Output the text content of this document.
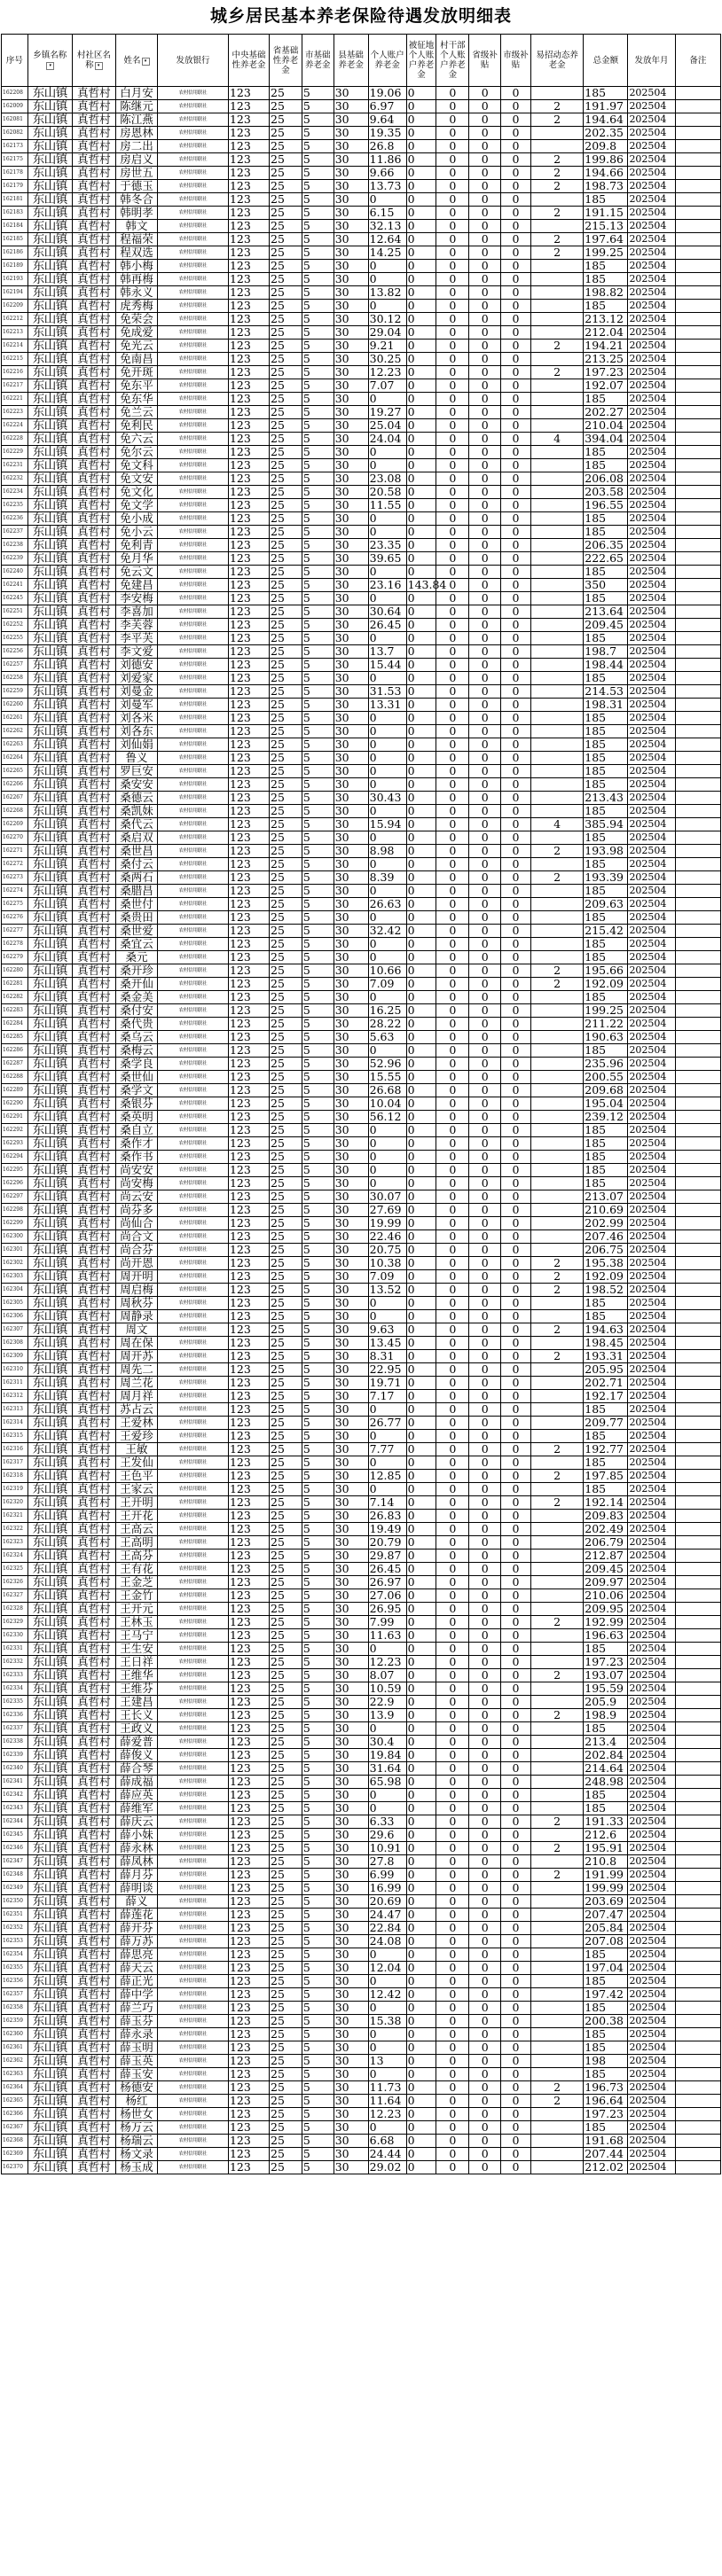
城乡居民基本养老保险待遇发放明细表
序号	乡镇名称▾	村社区名称 ▾	姓名 ▾	发放银行	中央基础性养老金	省基础性养老金	市基础养老金	县基础养老金	个人账户养老金	被征地个人账户养老金	村干部个人账户养老金	省级补贴	市级补贴	易招动态养老金	总金额	发放年月	备注
162208	东山镇	真哲村	白月安	农村信用联社	123	25	5	30	19.06	0	0	0	0		185	202504	
162009	东山镇	真哲村	陈继元	农村信用联社	123	25	5	30	6.97	0	0	0	0	2	191.97	202504	
162081	东山镇	真哲村	陈江燕	农村信用联社	123	25	5	30	9.64	0	0	0	0	2	194.64	202504	
162082	东山镇	真哲村	房恩林	农村信用联社	123	25	5	30	19.35	0	0	0	0		202.35	202504	
162173	东山镇	真哲村	房二出	农村信用联社	123	25	5	30	26.8	0	0	0	0		209.8	202504	
162175	东山镇	真哲村	房启义	农村信用联社	123	25	5	30	11.86	0	0	0	0	2	199.86	202504	
162178	东山镇	真哲村	房世五	农村信用联社	123	25	5	30	9.66	0	0	0	0	2	194.66	202504	
162179	东山镇	真哲村	于德玉	农村信用联社	123	25	5	30	13.73	0	0	0	0	2	198.73	202504	
162181	东山镇	真哲村	韩冬合	农村信用联社	123	25	5	30	0	0	0	0	0		185	202504	
162183	东山镇	真哲村	韩明孝	农村信用联社	123	25	5	30	6.15	0	0	0	0	2	191.15	202504	
162184	东山镇	真哲村	韩文	农村信用联社	123	25	5	30	32.13	0	0	0	0		215.13	202504	
162185	东山镇	真哲村	程福荣	农村信用联社	123	25	5	30	12.64	0	0	0	0	2	197.64	202504	
162186	东山镇	真哲村	程双选	农村信用联社	123	25	5	30	14.25	0	0	0	0	2	199.25	202504	
162189	东山镇	真哲村	韩小梅	农村信用联社	123	25	5	30	0	0	0	0	0		185	202504	
162193	东山镇	真哲村	韩再梅	农村信用联社	123	25	5	30	0	0	0	0	0		185	202504	
162194	东山镇	真哲村	韩永义	农村信用联社	123	25	5	30	13.82	0	0	0	0		198.82	202504	
162209	东山镇	真哲村	虎秀梅	农村信用联社	123	25	5	30	0	0	0	0	0		185	202504	
162212	东山镇	真哲村	免荣会	农村信用联社	123	25	5	30	30.12	0	0	0	0		213.12	202504	
162213	东山镇	真哲村	免成爱	农村信用联社	123	25	5	30	29.04	0	0	0	0		212.04	202504	
162214	东山镇	真哲村	免光云	农村信用联社	123	25	5	30	9.21	0	0	0	0	2	194.21	202504	
162215	东山镇	真哲村	免南昌	农村信用联社	123	25	5	30	30.25	0	0	0	0		213.25	202504	
162216	东山镇	真哲村	免开斑	农村信用联社	123	25	5	30	12.23	0	0	0	0	2	197.23	202504	
162217	东山镇	真哲村	免东平	农村信用联社	123	25	5	30	7.07	0	0	0	0		192.07	202504	
162221	东山镇	真哲村	免东华	农村信用联社	123	25	5	30	0	0	0	0	0		185	202504	
162223	东山镇	真哲村	免兰云	农村信用联社	123	25	5	30	19.27	0	0	0	0		202.27	202504	
162224	东山镇	真哲村	免利民	农村信用联社	123	25	5	30	25.04	0	0	0	0		210.04	202504	
162228	东山镇	真哲村	免六云	农村信用联社	123	25	5	30	24.04	0	0	0	0	4	394.04	202504	
162229	东山镇	真哲村	免尔云	农村信用联社	123	25	5	30	0	0	0	0	0		185	202504	
162231	东山镇	真哲村	免文科	农村信用联社	123	25	5	30	0	0	0	0	0		185	202504	
162232	东山镇	真哲村	免文安	农村信用联社	123	25	5	30	23.08	0	0	0	0		206.08	202504	
162234	东山镇	真哲村	免文化	农村信用联社	123	25	5	30	20.58	0	0	0	0		203.58	202504	
162235	东山镇	真哲村	免文学	农村信用联社	123	25	5	30	11.55	0	0	0	0		196.55	202504	
162236	东山镇	真哲村	免小成	农村信用联社	123	25	5	30	0	0	0	0	0		185	202504	
162237	东山镇	真哲村	免小云	农村信用联社	123	25	5	30	0	0	0	0	0		185	202504	
162238	东山镇	真哲村	免利青	农村信用联社	123	25	5	30	23.35	0	0	0	0		206.35	202504	
162239	东山镇	真哲村	免月华	农村信用联社	123	25	5	30	39.65	0	0	0	0		222.65	202504	
162240	东山镇	真哲村	免云文	农村信用联社	123	25	5	30	0	0	0	0	0		185	202504	
162241	东山镇	真哲村	免建昌	农村信用联社	123	25	5	30	23.16	143.84	0	0	0		350	202504	
162245	东山镇	真哲村	李安梅	农村信用联社	123	25	5	30	0	0	0	0	0		185	202504	
162251	东山镇	真哲村	李喜加	农村信用联社	123	25	5	30	30.64	0	0	0	0		213.64	202504	
162252	东山镇	真哲村	李芙蓉	农村信用联社	123	25	5	30	26.45	0	0	0	0		209.45	202504	
162255	东山镇	真哲村	李平芙	农村信用联社	123	25	5	30	0	0	0	0	0		185	202504	
162256	东山镇	真哲村	李文爱	农村信用联社	123	25	5	30	13.7	0	0	0	0		198.7	202504	
162257	东山镇	真哲村	刘德安	农村信用联社	123	25	5	30	15.44	0	0	0	0		198.44	202504	
162258	东山镇	真哲村	刘爱家	农村信用联社	123	25	5	30	0	0	0	0	0		185	202504	
162259	东山镇	真哲村	刘曼金	农村信用联社	123	25	5	30	31.53	0	0	0	0		214.53	202504	
162260	东山镇	真哲村	刘曼军	农村信用联社	123	25	5	30	13.31	0	0	0	0		198.31	202504	
162261	东山镇	真哲村	刘各米	农村信用联社	123	25	5	30	0	0	0	0	0		185	202504	
162262	东山镇	真哲村	刘各东	农村信用联社	123	25	5	30	0	0	0	0	0		185	202504	
162263	东山镇	真哲村	刘仙娟	农村信用联社	123	25	5	30	0	0	0	0	0		185	202504	
162264	东山镇	真哲村	鲁义	农村信用联社	123	25	5	30	0	0	0	0	0		185	202504	
162265	东山镇	真哲村	罗巨安	农村信用联社	123	25	5	30	0	0	0	0	0		185	202504	
162266	东山镇	真哲村	桑安安	农村信用联社	123	25	5	30	0	0	0	0	0		185	202504	
162267	东山镇	真哲村	桑德云	农村信用联社	123	25	5	30	30.43	0	0	0	0		213.43	202504	
162268	东山镇	真哲村	桑凯妹	农村信用联社	123	25	5	30	0	0	0	0	0		185	202504	
162269	东山镇	真哲村	桑代云	农村信用联社	123	25	5	30	15.94	0	0	0	0	4	385.94	202504	
162270	东山镇	真哲村	桑启双	农村信用联社	123	25	5	30	0	0	0	0	0		185	202504	
162271	东山镇	真哲村	桑世昌	农村信用联社	123	25	5	30	8.98	0	0	0	0	2	193.98	202504	
162272	东山镇	真哲村	桑付云	农村信用联社	123	25	5	30	0	0	0	0	0		185	202504	
162273	东山镇	真哲村	桑两石	农村信用联社	123	25	5	30	8.39	0	0	0	0	2	193.39	202504	
162274	东山镇	真哲村	桑腊昌	农村信用联社	123	25	5	30	0	0	0	0	0		185	202504	
162275	东山镇	真哲村	桑世付	农村信用联社	123	25	5	30	26.63	0	0	0	0		209.63	202504	
162276	东山镇	真哲村	桑贵田	农村信用联社	123	25	5	30	0	0	0	0	0		185	202504	
162277	东山镇	真哲村	桑世爱	农村信用联社	123	25	5	30	32.42	0	0	0	0		215.42	202504	
162278	东山镇	真哲村	桑宜云	农村信用联社	123	25	5	30	0	0	0	0	0		185	202504	
162279	东山镇	真哲村	桑元	农村信用联社	123	25	5	30	0	0	0	0	0		185	202504	
162280	东山镇	真哲村	桑开珍	农村信用联社	123	25	5	30	10.66	0	0	0	0	2	195.66	202504	
162281	东山镇	真哲村	桑开仙	农村信用联社	123	25	5	30	7.09	0	0	0	0	2	192.09	202504	
162282	东山镇	真哲村	桑金美	农村信用联社	123	25	5	30	0	0	0	0	0		185	202504	
162283	东山镇	真哲村	桑付安	农村信用联社	123	25	5	30	16.25	0	0	0	0		199.25	202504	
162284	东山镇	真哲村	桑代贵	农村信用联社	123	25	5	30	28.22	0	0	0	0		211.22	202504	
162285	东山镇	真哲村	桑乌云	农村信用联社	123	25	5	30	5.63	0	0	0	0		190.63	202504	
162286	东山镇	真哲村	桑梅云	农村信用联社	123	25	5	30	0	0	0	0	0		185	202504	
162287	东山镇	真哲村	桑学良	农村信用联社	123	25	5	30	52.96	0	0	0	0		235.96	202504	
162288	东山镇	真哲村	桑世仙	农村信用联社	123	25	5	30	15.55	0	0	0	0		200.55	202504	
162289	东山镇	真哲村	桑学文	农村信用联社	123	25	5	30	26.68	0	0	0	0		209.68	202504	
162290	东山镇	真哲村	桑银芬	农村信用联社	123	25	5	30	10.04	0	0	0	0		195.04	202504	
162291	东山镇	真哲村	桑英明	农村信用联社	123	25	5	30	56.12	0	0	0	0		239.12	202504	
162292	东山镇	真哲村	桑自立	农村信用联社	123	25	5	30	0	0	0	0	0		185	202504	
162293	东山镇	真哲村	桑作才	农村信用联社	123	25	5	30	0	0	0	0	0		185	202504	
162294	东山镇	真哲村	桑作书	农村信用联社	123	25	5	30	0	0	0	0	0		185	202504	
162295	东山镇	真哲村	尚安安	农村信用联社	123	25	5	30	0	0	0	0	0		185	202504	
162296	东山镇	真哲村	尚安梅	农村信用联社	123	25	5	30	0	0	0	0	0		185	202504	
162297	东山镇	真哲村	尚云安	农村信用联社	123	25	5	30	30.07	0	0	0	0		213.07	202504	
162298	东山镇	真哲村	尚芬多	农村信用联社	123	25	5	30	27.69	0	0	0	0		210.69	202504	
162299	东山镇	真哲村	尚仙合	农村信用联社	123	25	5	30	19.99	0	0	0	0		202.99	202504	
162300	东山镇	真哲村	尚合文	农村信用联社	123	25	5	30	22.46	0	0	0	0		207.46	202504	
162301	东山镇	真哲村	尚合芬	农村信用联社	123	25	5	30	20.75	0	0	0	0		206.75	202504	
162302	东山镇	真哲村	尚开恩	农村信用联社	123	25	5	30	10.38	0	0	0	0	2	195.38	202504	
162303	东山镇	真哲村	周开明	农村信用联社	123	25	5	30	7.09	0	0	0	0	2	192.09	202504	
162304	东山镇	真哲村	周启梅	农村信用联社	123	25	5	30	13.52	0	0	0	0	2	198.52	202504	
162305	东山镇	真哲村	周秋芬	农村信用联社	123	25	5	30	0	0	0	0	0		185	202504	
162306	东山镇	真哲村	周静录	农村信用联社	123	25	5	30	0	0	0	0	0		185	202504	
162307	东山镇	真哲村	周文	农村信用联社	123	25	5	30	9.63	0	0	0	0	2	194.63	202504	
162308	东山镇	真哲村	周在保	农村信用联社	123	25	5	30	13.45	0	0	0	0		198.45	202504	
162309	东山镇	真哲村	周开苏	农村信用联社	123	25	5	30	8.31	0	0	0	0	2	193.31	202504	
162310	东山镇	真哲村	周先二	农村信用联社	123	25	5	30	22.95	0	0	0	0		205.95	202504	
162311	东山镇	真哲村	周兰花	农村信用联社	123	25	5	30	19.71	0	0	0	0		202.71	202504	
162312	东山镇	真哲村	周月祥	农村信用联社	123	25	5	30	7.17	0	0	0	0		192.17	202504	
162313	东山镇	真哲村	苏占云	农村信用联社	123	25	5	30	0	0	0	0	0		185	202504	
162314	东山镇	真哲村	王爱林	农村信用联社	123	25	5	30	26.77	0	0	0	0		209.77	202504	
162315	东山镇	真哲村	王爱珍	农村信用联社	123	25	5	30	0	0	0	0	0		185	202504	
162316	东山镇	真哲村	王敏	农村信用联社	123	25	5	30	7.77	0	0	0	0	2	192.77	202504	
162317	东山镇	真哲村	王发仙	农村信用联社	123	25	5	30	0	0	0	0	0		185	202504	
162318	东山镇	真哲村	王色平	农村信用联社	123	25	5	30	12.85	0	0	0	0	2	197.85	202504	
162319	东山镇	真哲村	王家云	农村信用联社	123	25	5	30	0	0	0	0	0		185	202504	
162320	东山镇	真哲村	王开明	农村信用联社	123	25	5	30	7.14	0	0	0	0	2	192.14	202504	
162321	东山镇	真哲村	王开花	农村信用联社	123	25	5	30	26.83	0	0	0	0		209.83	202504	
162322	东山镇	真哲村	王高云	农村信用联社	123	25	5	30	19.49	0	0	0	0		202.49	202504	
162323	东山镇	真哲村	王高明	农村信用联社	123	25	5	30	20.79	0	0	0	0		206.79	202504	
162324	东山镇	真哲村	王高芬	农村信用联社	123	25	5	30	29.87	0	0	0	0		212.87	202504	
162325	东山镇	真哲村	王有花	农村信用联社	123	25	5	30	26.45	0	0	0	0		209.45	202504	
162326	东山镇	真哲村	王金芝	农村信用联社	123	25	5	30	26.97	0	0	0	0		209.97	202504	
162327	东山镇	真哲村	王金竹	农村信用联社	123	25	5	30	27.06	0	0	0	0		210.06	202504	
162328	东山镇	真哲村	王开元	农村信用联社	123	25	5	30	26.95	0	0	0	0		209.95	202504	
162329	东山镇	真哲村	王林玉	农村信用联社	123	25	5	30	7.99	0	0	0	0	2	192.99	202504	
162330	东山镇	真哲村	王马宁	农村信用联社	123	25	5	30	11.63	0	0	0	0		196.63	202504	
162331	东山镇	真哲村	王生安	农村信用联社	123	25	5	30	0	0	0	0	0		185	202504	
162332	东山镇	真哲村	王日祥	农村信用联社	123	25	5	30	12.23	0	0	0	0		197.23	202504	
162333	东山镇	真哲村	王维华	农村信用联社	123	25	5	30	8.07	0	0	0	0	2	193.07	202504	
162334	东山镇	真哲村	王维芬	农村信用联社	123	25	5	30	10.59	0	0	0	0		195.59	202504	
162335	东山镇	真哲村	王建昌	农村信用联社	123	25	5	30	22.9	0	0	0	0		205.9	202504	
162336	东山镇	真哲村	王长义	农村信用联社	123	25	5	30	13.9	0	0	0	0	2	198.9	202504	
162337	东山镇	真哲村	王政义	农村信用联社	123	25	5	30	0	0	0	0	0		185	202504	
162338	东山镇	真哲村	薛爱普	农村信用联社	123	25	5	30	30.4	0	0	0	0		213.4	202504	
162339	东山镇	真哲村	薛俊义	农村信用联社	123	25	5	30	19.84	0	0	0	0		202.84	202504	
162340	东山镇	真哲村	薛合琴	农村信用联社	123	25	5	30	31.64	0	0	0	0		214.64	202504	
162341	东山镇	真哲村	薛成福	农村信用联社	123	25	5	30	65.98	0	0	0	0		248.98	202504	
162342	东山镇	真哲村	薛应英	农村信用联社	123	25	5	30	0	0	0	0	0		185	202504	
162343	东山镇	真哲村	薛维军	农村信用联社	123	25	5	30	0	0	0	0	0		185	202504	
162344	东山镇	真哲村	薛庆云	农村信用联社	123	25	5	30	6.33	0	0	0	0	2	191.33	202504	
162345	东山镇	真哲村	薛小妹	农村信用联社	123	25	5	30	29.6	0	0	0	0		212.6	202504	
162346	东山镇	真哲村	薛永林	农村信用联社	123	25	5	30	10.91	0	0	0	0	2	195.91	202504	
162347	东山镇	真哲村	薛凤林	农村信用联社	123	25	5	30	27.8	0	0	0	0		210.8	202504	
162348	东山镇	真哲村	薛月芬	农村信用联社	123	25	5	30	6.99	0	0	0	0	2	191.99	202504	
162349	东山镇	真哲村	薛明谈	农村信用联社	123	25	5	30	16.99	0	0	0	0		199.99	202504	
162350	东山镇	真哲村	薛义	农村信用联社	123	25	5	30	20.69	0	0	0	0		203.69	202504	
162351	东山镇	真哲村	薛莲花	农村信用联社	123	25	5	30	24.47	0	0	0	0		207.47	202504	
162352	东山镇	真哲村	薛开芬	农村信用联社	123	25	5	30	22.84	0	0	0	0		205.84	202504	
162353	东山镇	真哲村	薛万苏	农村信用联社	123	25	5	30	24.08	0	0	0	0		207.08	202504	
162354	东山镇	真哲村	薛思亮	农村信用联社	123	25	5	30	0	0	0	0	0		185	202504	
162355	东山镇	真哲村	薛天云	农村信用联社	123	25	5	30	12.04	0	0	0	0		197.04	202504	
162356	东山镇	真哲村	薛正光	农村信用联社	123	25	5	30	0	0	0	0	0		185	202504	
162357	东山镇	真哲村	薛中学	农村信用联社	123	25	5	30	12.42	0	0	0	0		197.42	202504	
162358	东山镇	真哲村	薛兰巧	农村信用联社	123	25	5	30	0	0	0	0	0		185	202504	
162359	东山镇	真哲村	薛玉芬	农村信用联社	123	25	5	30	15.38	0	0	0	0		200.38	202504	
162360	东山镇	真哲村	薛永录	农村信用联社	123	25	5	30	0	0	0	0	0		185	202504	
162361	东山镇	真哲村	薛玉明	农村信用联社	123	25	5	30	0	0	0	0	0		185	202504	
162362	东山镇	真哲村	薛玉英	农村信用联社	123	25	5	30	13	0	0	0	0		198	202504	
162363	东山镇	真哲村	薛玉安	农村信用联社	123	25	5	30	0	0	0	0	0		185	202504	
162364	东山镇	真哲村	杨德安	农村信用联社	123	25	5	30	11.73	0	0	0	0	2	196.73	202504	
162365	东山镇	真哲村	杨红	农村信用联社	123	25	5	30	11.64	0	0	0	0	2	196.64	202504	
162366	东山镇	真哲村	杨世女	农村信用联社	123	25	5	30	12.23	0	0	0	0		197.23	202504	
162367	东山镇	真哲村	杨万云	农村信用联社	123	25	5	30	0	0	0	0	0		185	202504	
162368	东山镇	真哲村	杨瑞云	农村信用联社	123	25	5	30	6.68	0	0	0	0		191.68	202504	
162369	东山镇	真哲村	杨文录	农村信用联社	123	25	5	30	24.44	0	0	0	0		207.44	202504	
162370	东山镇	真哲村	杨玉成	农村信用联社	123	25	5	30	29.02	0	0	0	0		212.02	202504	
